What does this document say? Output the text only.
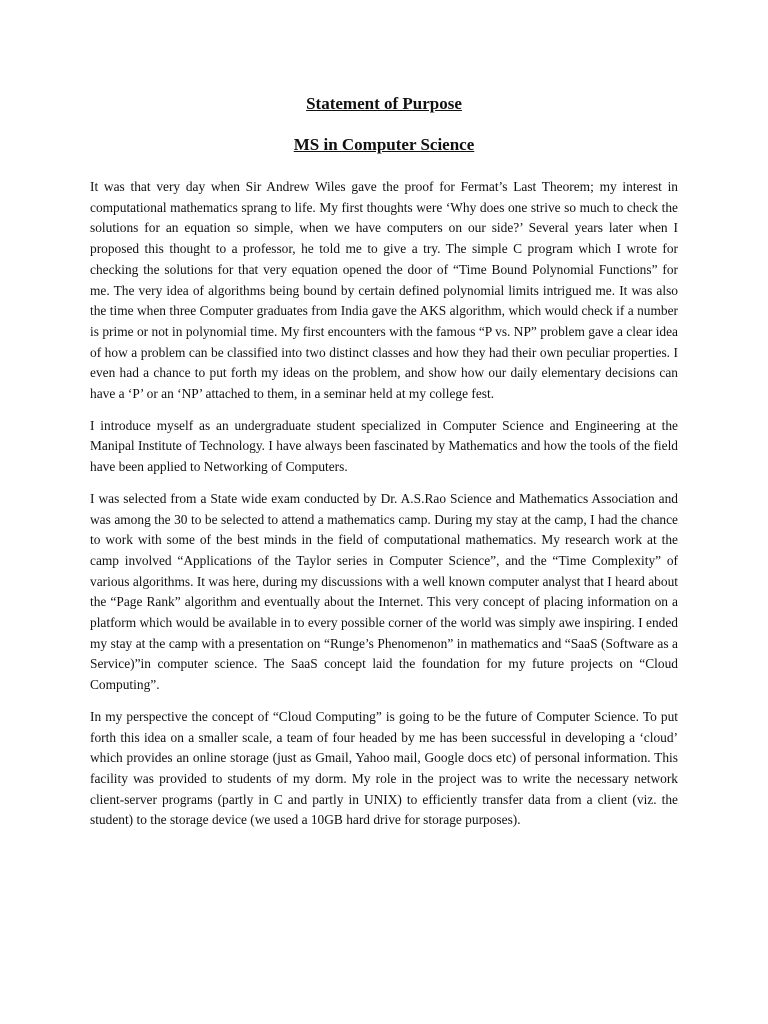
Statement of Purpose
MS in Computer Science

It was that very day when Sir Andrew Wiles gave the proof for Fermat’s Last Theorem; my interest in computational mathematics sprang to life. My first thoughts were ‘Why does one strive so much to check the solutions for an equation so simple, when we have computers on our side?’ Several years later when I proposed this thought to a professor, he told me to give a try. The simple C program which I wrote for checking the solutions for that very equation opened the door of “Time Bound Polynomial Functions” for me. The very idea of algorithms being bound by certain defined polynomial limits intrigued me. It was also the time when three Computer graduates from India gave the AKS algorithm, which would check if a number is prime or not in polynomial time. My first encounters with the famous “P vs. NP” problem gave a clear idea of how a problem can be classified into two distinct classes and how they had their own peculiar properties. I even had a chance to put forth my ideas on the problem, and show how our daily elementary decisions can have a ‘P’ or an ‘NP’ attached to them, in a seminar held at my college fest.

I introduce myself as an undergraduate student specialized in Computer Science and Engineering at the Manipal Institute of Technology. I have always been fascinated by Mathematics and how the tools of the field have been applied to Networking of Computers.

I was selected from a State wide exam conducted by Dr. A.S.Rao Science and Mathematics Association and was among the 30 to be selected to attend a mathematics camp. During my stay at the camp, I had the chance to work with some of the best minds in the field of computational mathematics. My research work at the camp involved “Applications of the Taylor series in Computer Science”, and the “Time Complexity” of various algorithms. It was here, during my discussions with a well known computer analyst that I heard about the “Page Rank” algorithm and eventually about the Internet. This very concept of placing information on a platform which would be available in to every possible corner of the world was simply awe inspiring. I ended my stay at the camp with a presentation on “Runge’s Phenomenon” in mathematics and “SaaS (Software as a Service)”in computer science. The SaaS concept laid the foundation for my future projects on “Cloud Computing”.

In my perspective the concept of “Cloud Computing” is going to be the future of Computer Science. To put forth this idea on a smaller scale, a team of four headed by me has been successful in developing a ‘cloud’ which provides an online storage (just as Gmail, Yahoo mail, Google docs etc) of personal information. This facility was provided to students of my dorm. My role in the project was to write the necessary network client-server programs (partly in C and partly in UNIX) to efficiently transfer data from a client (viz. the student) to the storage device (we used a 10GB hard drive for storage purposes).
